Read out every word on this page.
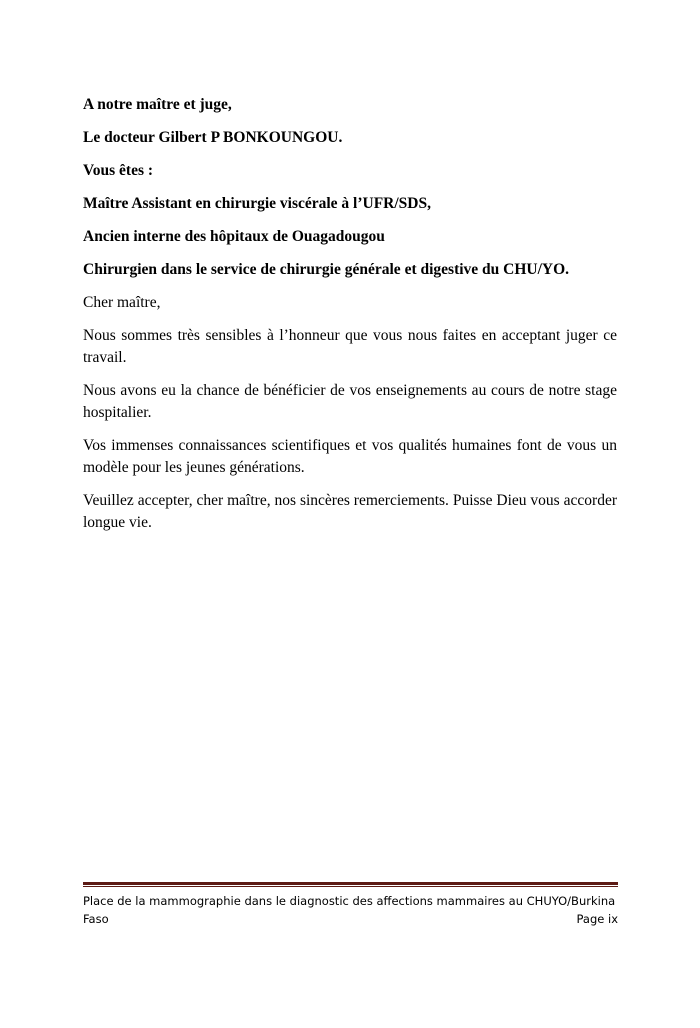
A notre maître et juge,

Le docteur Gilbert P BONKOUNGOU.

Vous êtes :

Maître Assistant en chirurgie viscérale à l’UFR/SDS,

Ancien interne des hôpitaux de Ouagadougou

Chirurgien dans le service de chirurgie générale et digestive du CHU/YO.

Cher maître,

Nous sommes très sensibles à l’honneur que vous nous faites en acceptant juger ce travail.

Nous avons eu la chance de bénéficier de vos enseignements au cours de notre stage hospitalier.

Vos immenses connaissances scientifiques et vos qualités humaines font de vous un modèle pour les jeunes générations.

Veuillez accepter, cher maître, nos sincères remerciements. Puisse Dieu vous accorder longue vie.

Place de la mammographie dans le diagnostic des affections mammaires au CHUYO/Burkina
Faso	Page ix
